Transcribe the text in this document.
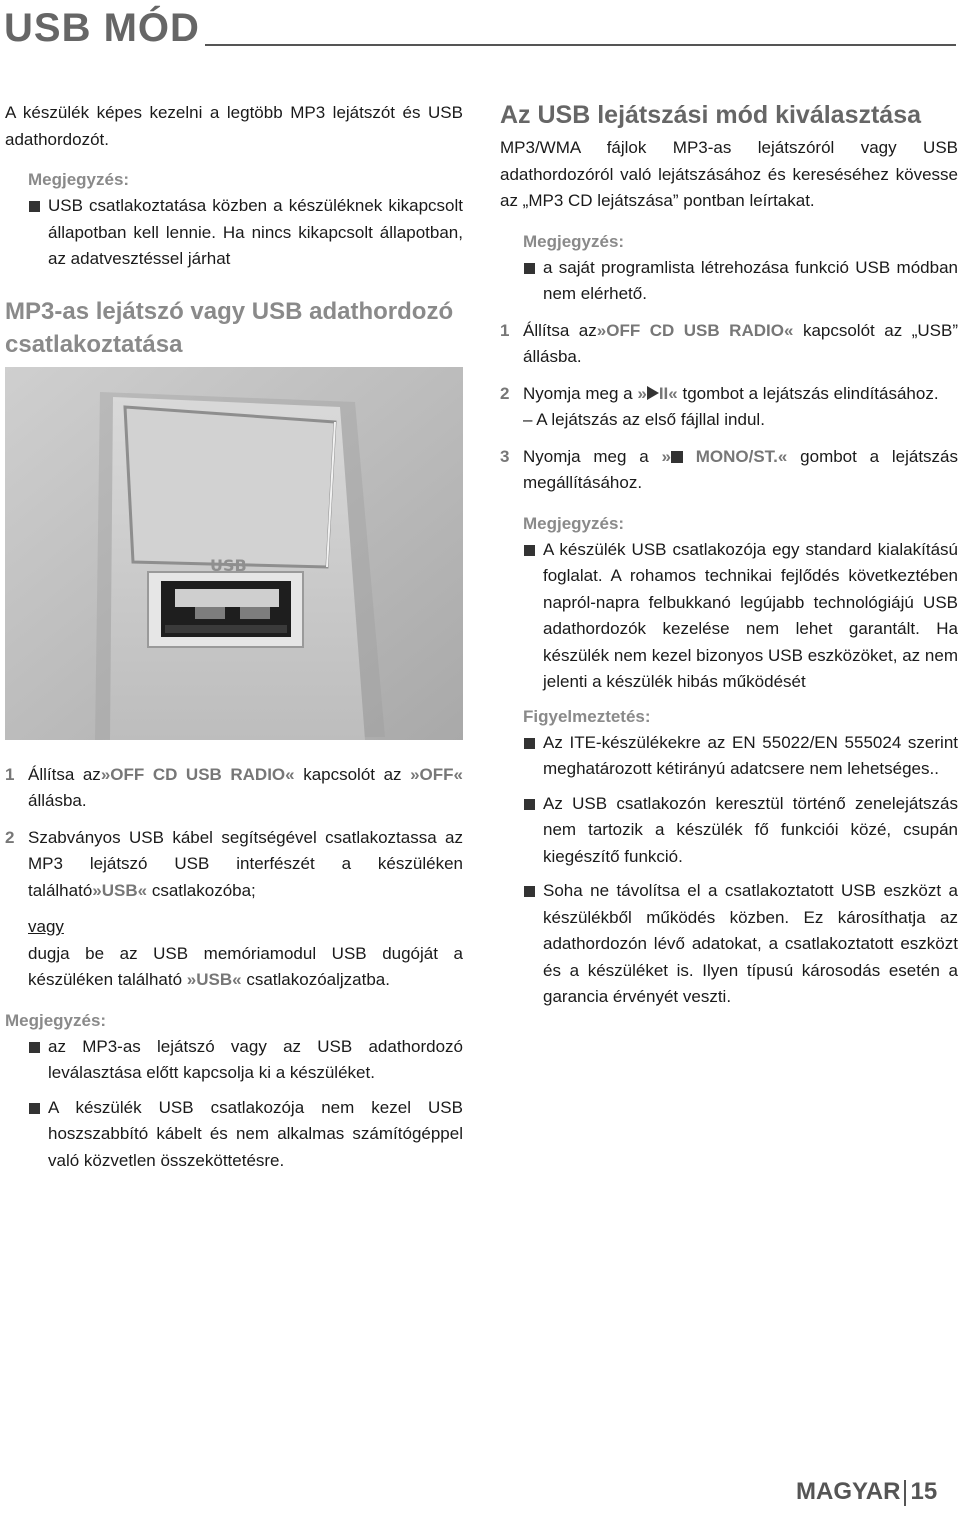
USB MÓD

A készülék képes kezelni a legtöbb MP3 lejátszót és USB adathordozót.

Megjegyzés:
USB csatlakoztatása közben a készüléknek kikapcsolt állapotban kell lennie. Ha nincs kikapcsolt állapotban, az adatvesztéssel járhat
MP3-as lejátszó vagy USB adathordozó csatlakoztatása
USB
1 Állítsa az»OFF CD USB RADIO« kapcsolót az »OFF« állásba.
2 Szabványos USB kábel segítségével csatlakoztassa az MP3 lejátszó USB interfészét a készüléken található»USB« csatlakozóba;
vagy

dugja be az USB memóriamodul USB dugóját a készüléken található »USB« csatlakozóaljzatba.

Megjegyzés:
az MP3-as lejátszó vagy az USB adathordozó leválasztása előtt kapcsolja ki a készüléket.
A készülék USB csatlakozója nem kezel USB hoszszabbító kábelt és nem alkalmas számítógéppel való közvetlen összeköttetésre.
Az USB lejátszási mód kiválasztása

MP3/WMA fájlok MP3-as lejátszóról vagy USB adathordozóról való lejátszásához és kereséséhez kövesse az „MP3 CD lejátszása” pontban leírtakat.

Megjegyzés:
a saját programlista létrehozása funkció USB módban nem elérhető.
1 Állítsa az»OFF CD USB RADIO« kapcsolót az „USB” állásba.
2 Nyomja meg a » II« tgombot a lejátszás elindításához.
– A lejátszás az első fájllal indul.
3 Nyomja meg a » MONO/ST.« gombot a lejátszás megállításához.
Megjegyzés:
A készülék USB csatlakozója egy standard kialakítású foglalat. A rohamos technikai fejlődés következtében napról-napra felbukkanó legújabb technológiájú USB adathordozók kezelése nem lehet garantált. Ha készülék nem kezel bizonyos USB eszközöket, az nem jelenti a készülék hibás működését
Figyelmeztetés:
Az ITE-készülékekre az EN 55022/EN 555024 szerint meghatározott kétirányú adatcsere nem lehetséges..
Az USB csatlakozón keresztül történő zenelejátszás nem tartozik a készülék fő funkciói közé, csupán kiegészítő funkció.
Soha ne távolítsa el a csatlakoztatott USB eszközt a készülékből működés közben. Ez károsíthatja az adathordozón lévő adatokat, a csatlakoztatott eszközt és a készüléket is. Ilyen típusú károsodás esetén a garancia érvényét veszti.
MAGYAR 15
